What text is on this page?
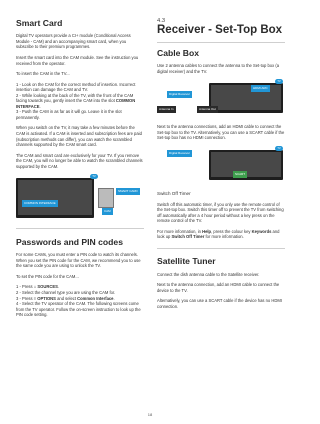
Smart Card

Digital TV operators provide a CI+ module (Conditional Access Module - CAM) and an accompanying smart card, when you subscribe to their premium programmes.

Insert the smart card into the CAM module. See the instruction you received from the operator.

To insert the CAM in the TV...

1 - Look on the CAM for the correct method of insertion. Incorrect insertion can damage the CAM and TV.

2 - While looking at the back of the TV, with the front of the CAM facing towards you, gently insert the CAM into the slot COMMON INTERFACE.

3 - Push the CAM in as far as it will go. Leave it in the slot permanently.

When you switch on the TV, it may take a few minutes before the CAM is activated. If a CAM is inserted and subscription fees are paid (subscription methods can differ), you can watch the scrambled channels supported by the CAM smart card.

The CAM and smart card are exclusively for your TV. If you remove the CAM, you will no longer be able to watch the scrambled channels supported by the CAM.

TV
COMMON INTERFACE
SMART CARD
CAM
Passwords and PIN codes

For some CAMs, you must enter a PIN code to watch its channels. When you set the PIN code for the CAM, we recommend you to use the same code you are using to unlock the TV.

To set the PIN code for the CAM...

1 - Press ⌂ SOURCES.

2 - Select the channel type you are using the CAM for.

3 - Press ≡ OPTIONS and select Common Interface.

4 - Select the TV operator of the CAM. The following screens come from the TV operator. Follow the on-screen instruction to look up the PIN code setting.

4.3
Receiver - Set-Top Box
Cable Box

Use 2 antenna cables to connect the antenna to the Set-top box (a digital receiver) and the TV.

TV
HDMI ARC
Digital Receiver
Antenna In	Antenna Out

Next to the antenna connections, add an HDMI cable to connect the Set-top box to the TV. Alternatively, you can use a SCART cable if the Set-top box has no HDMI connection.

TV
Digital Receiver
SCART
Switch Off Timer

Switch off this automatic timer, if you only use the remote control of the Set-top box. Switch this timer off to prevent the TV from switching off automatically after a 4 hour period without a key press on the remote control of the TV.

For more information, in Help, press the colour key Keywords and look up Switch Off Timer for more information.

Satellite Tuner

Connect the dish antenna cable to the Satellite receiver.

Next to the antenna connection, add an HDMI cable to connect the device to the TV.

Alternatively, you can use a SCART cable if the device has no HDMI connection.

18
